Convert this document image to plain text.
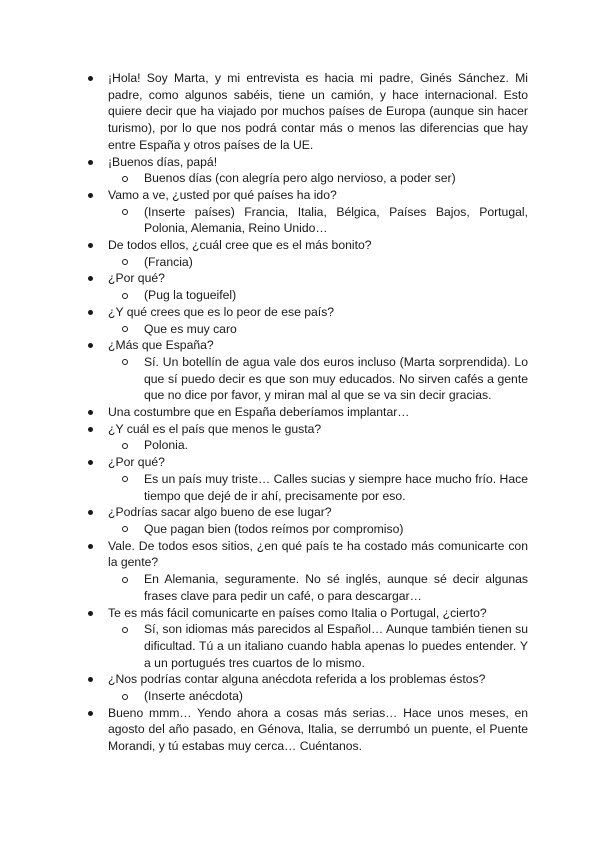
¡Hola! Soy Marta, y mi entrevista es hacia mi padre, Ginés Sánchez. Mi padre, como algunos sabéis, tiene un camión, y hace internacional. Esto quiere decir que ha viajado por muchos países de Europa (aunque sin hacer turismo), por lo que nos podrá contar más o menos las diferencias que hay entre España y otros países de la UE.
¡Buenos días, papá!
Buenos días (con alegría pero algo nervioso, a poder ser)
Vamo a ve, ¿usted por qué países ha ido?
(Inserte países) Francia, Italia, Bélgica, Países Bajos, Portugal, Polonia, Alemania, Reino Unido…
De todos ellos, ¿cuál cree que es el más bonito?
(Francia)
¿Por qué?
(Pug la togueifel)
¿Y qué crees que es lo peor de ese país?
Que es muy caro
¿Más que España?
Sí. Un botellín de agua vale dos euros incluso (Marta sorprendida). Lo que sí puedo decir es que son muy educados. No sirven cafés a gente que no dice por favor, y miran mal al que se va sin decir gracias.
Una costumbre que en España deberíamos implantar…
¿Y cuál es el país que menos le gusta?
Polonia.
¿Por qué?
Es un país muy triste… Calles sucias y siempre hace mucho frío. Hace tiempo que dejé de ir ahí, precisamente por eso.
¿Podrías sacar algo bueno de ese lugar?
Que pagan bien (todos reímos por compromiso)
Vale. De todos esos sitios, ¿en qué país te ha costado más comunicarte con la gente?
En Alemania, seguramente. No sé inglés, aunque sé decir algunas frases clave para pedir un café, o para descargar…
Te es más fácil comunicarte en países como Italia o Portugal, ¿cierto?
Sí, son idiomas más parecidos al Español… Aunque también tienen su dificultad. Tú a un italiano cuando habla apenas lo puedes entender. Y a un portugués tres cuartos de lo mismo.
¿Nos podrías contar alguna anécdota referida a los problemas éstos?
(Inserte anécdota)
Bueno mmm… Yendo ahora a cosas más serias… Hace unos meses, en agosto del año pasado, en Génova, Italia, se derrumbó un puente, el Puente Morandi, y tú estabas muy cerca… Cuéntanos.
